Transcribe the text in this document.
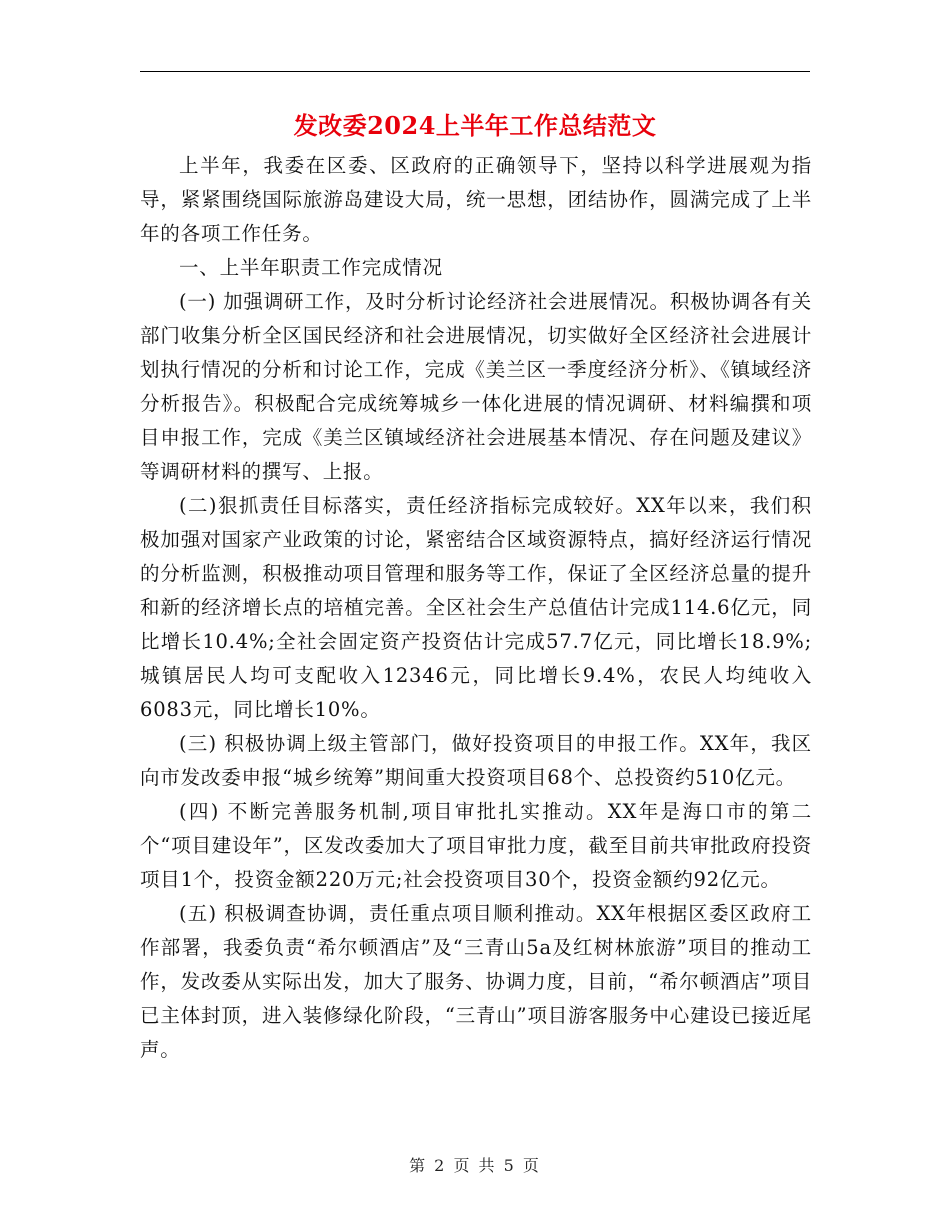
发改委2024上半年工作总结范文

上半年，我委在区委、区政府的正确领导下，坚持以科学进展观为指导，紧紧围绕国际旅游岛建设大局，统一思想，团结协作，圆满完成了上半年的各项工作任务。

一、上半年职责工作完成情况

(一) 加强调研工作，及时分析讨论经济社会进展情况。积极协调各有关部门收集分析全区国民经济和社会进展情况，切实做好全区经济社会进展计划执行情况的分析和讨论工作，完成《美兰区一季度经济分析》、《镇域经济分析报告》。积极配合完成统筹城乡一体化进展的情况调研、材料编撰和项目申报工作，完成《美兰区镇域经济社会进展基本情况、存在问题及建议》等调研材料的撰写、上报。

(二)狠抓责任目标落实，责任经济指标完成较好。XX年以来，我们积极加强对国家产业政策的讨论，紧密结合区域资源特点，搞好经济运行情况的分析监测，积极推动项目管理和服务等工作，保证了全区经济总量的提升和新的经济增长点的培植完善。全区社会生产总值估计完成114.6亿元，同比增长10.4%;全社会固定资产投资估计完成57.7亿元，同比增长18.9%;城镇居民人均可支配收入12346元，同比增长9.4%，农民人均纯收入6083元，同比增长10%。

(三) 积极协调上级主管部门，做好投资项目的申报工作。XX年，我区向市发改委申报“城乡统筹”期间重大投资项目68个、总投资约510亿元。

(四) 不断完善服务机制,项目审批扎实推动。XX年是海口市的第二个“项目建设年”，区发改委加大了项目审批力度，截至目前共审批政府投资项目1个，投资金额220万元;社会投资项目30个，投资金额约92亿元。

(五) 积极调查协调，责任重点项目顺利推动。XX年根据区委区政府工作部署，我委负责“希尔顿酒店”及“三青山5a及红树林旅游”项目的推动工作，发改委从实际出发，加大了服务、协调力度，目前，“希尔顿酒店”项目已主体封顶，进入装修绿化阶段，“三青山”项目游客服务中心建设已接近尾声。

第 2 页 共 5 页
